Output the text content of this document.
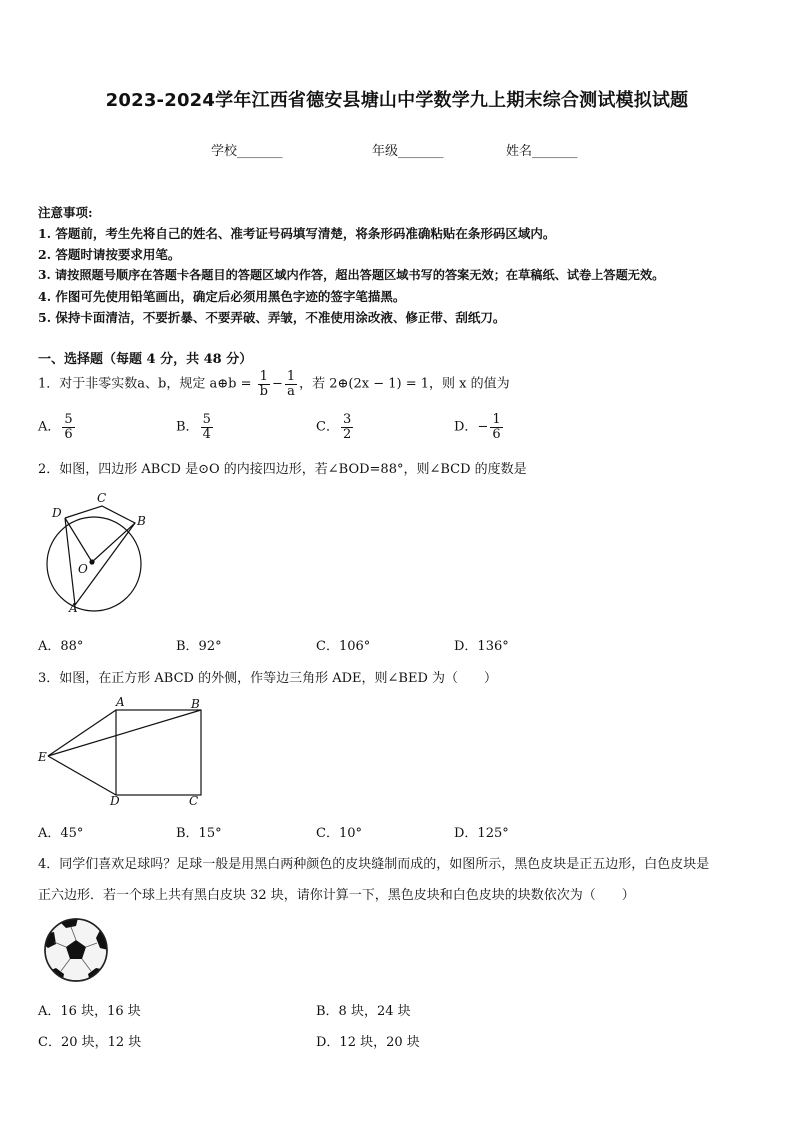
2023-2024学年江西省德安县塘山中学数学九上期末综合测试模拟试题
学校_______	年级_______	姓名_______
注意事项:
1. 答题前，考生先将自己的姓名、准考证号码填写清楚，将条形码准确粘贴在条形码区域内。
2. 答题时请按要求用笔。
3. 请按照题号顺序在答题卡各题目的答题区域内作答，超出答题区域书写的答案无效；在草稿纸、试卷上答题无效。
4. 作图可先使用铅笔画出，确定后必须用黑色字迹的签字笔描黑。
5. 保持卡面清洁，不要折暴、不要弄破、弄皱，不准使用涂改液、修正带、刮纸刀。
一、选择题（每题 4 分，共 48 分）
1．对于非零实数a、b，规定 a⊕b = $\frac{1}{b} - \frac{1}{a}$ ，若 2⊕(2x − 1) = 1，则 x 的值为
A． $\frac{5}{6}$	B． $\frac{5}{4}$	C． $\frac{3}{2}$	D．− $\frac{1}{6}$
2．如图，四边形 ABCD 是⊙O 的内接四边形，若∠BOD=88°，则∠BCD 的度数是
D
C
B
O
A
A．88°	B．92°	C．106°	D．136°
3．如图，在正方形 ABCD 的外侧，作等边三角形 ADE，则∠BED 为（　　）
A	B
E
D	C
A．45°	B．15°	C．10°	D．125°
4．同学们喜欢足球吗？足球一般是用黑白两种颜色的皮块缝制而成的，如图所示，黑色皮块是正五边形，白色皮块是
正六边形．若一个球上共有黑白皮块 32 块，请你计算一下，黑色皮块和白色皮块的块数依次为（　　）
A．16 块，16 块	B．8 块，24 块
C．20 块，12 块	D．12 块，20 块
